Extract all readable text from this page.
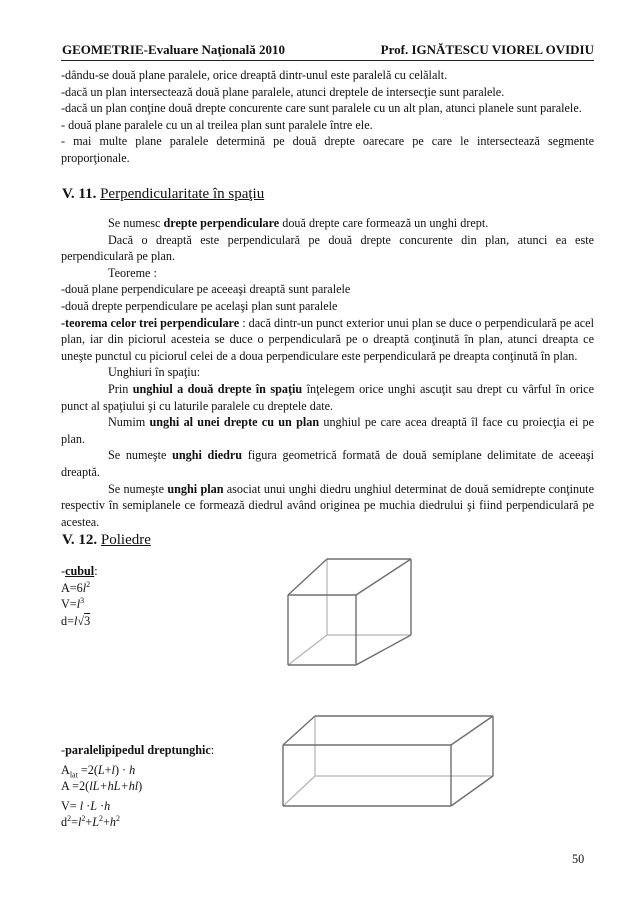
GEOMETRIE-Evaluare Naţională 2010	Prof. IGNĂTESCU VIOREL OVIDIU

-dându-se două plane paralele, orice dreaptă dintr-unul este paralelă cu celălalt.

-dacă un plan intersectează două plane paralele, atunci dreptele de intersecţie sunt paralele.

-dacă un plan conţine două drepte concurente care sunt paralele cu un alt plan, atunci planele sunt paralele.

- două plane paralele cu un al treilea plan sunt paralele între ele.

- mai multe plane paralele determină pe două drepte oarecare pe care le intersectează segmente proporţionale.

V. 11. Perpendicularitate în spaţiu

Se numesc drepte perpendiculare două drepte care formează un unghi drept.

Dacă o dreaptă este perpendiculară pe două drepte concurente din plan, atunci ea este perpendiculară pe plan.

Teoreme :

-două plane perpendiculare pe aceeaşi dreaptă sunt paralele

-două drepte perpendiculare pe acelaşi plan sunt paralele

-teorema celor trei perpendiculare : dacă dintr-un punct exterior unui plan se duce o perpendiculară pe acel plan, iar din piciorul acesteia se duce o perpendiculară pe o dreaptă conţinută în plan, atunci dreapta ce uneşte punctul cu piciorul celei de a doua perpendiculare este perpendiculară pe dreapta conţinută în plan.

Unghiuri în spaţiu:

Prin unghiul a două drepte în spaţiu înţelegem orice unghi ascuţit sau drept cu vârful în orice punct al spaţiului şi cu laturile paralele cu dreptele date.

Numim unghi al unei drepte cu un plan unghiul pe care acea dreaptă îl face cu proiecţia ei pe plan.

Se numeşte unghi diedru figura geometrică formată de două semiplane delimitate de aceeaşi dreaptă.

Se numeşte unghi plan asociat unui unghi diedru unghiul determinat de două semidrepte conţinute respectiv în semiplanele ce formează diedrul având originea pe muchia diedrului şi fiind perpendiculară pe acestea.

V. 12. Poliedre
-cubul:
$A=6l^2$
$V=l^3$
d=l√3
-paralelipipedul dreptunghic:
$A_{lat} =2(L+l) \cdot h$
A =2(lL+hL+hl)
V= l ·L ·h
$d^2=l^2+L^2+h^2$
50
